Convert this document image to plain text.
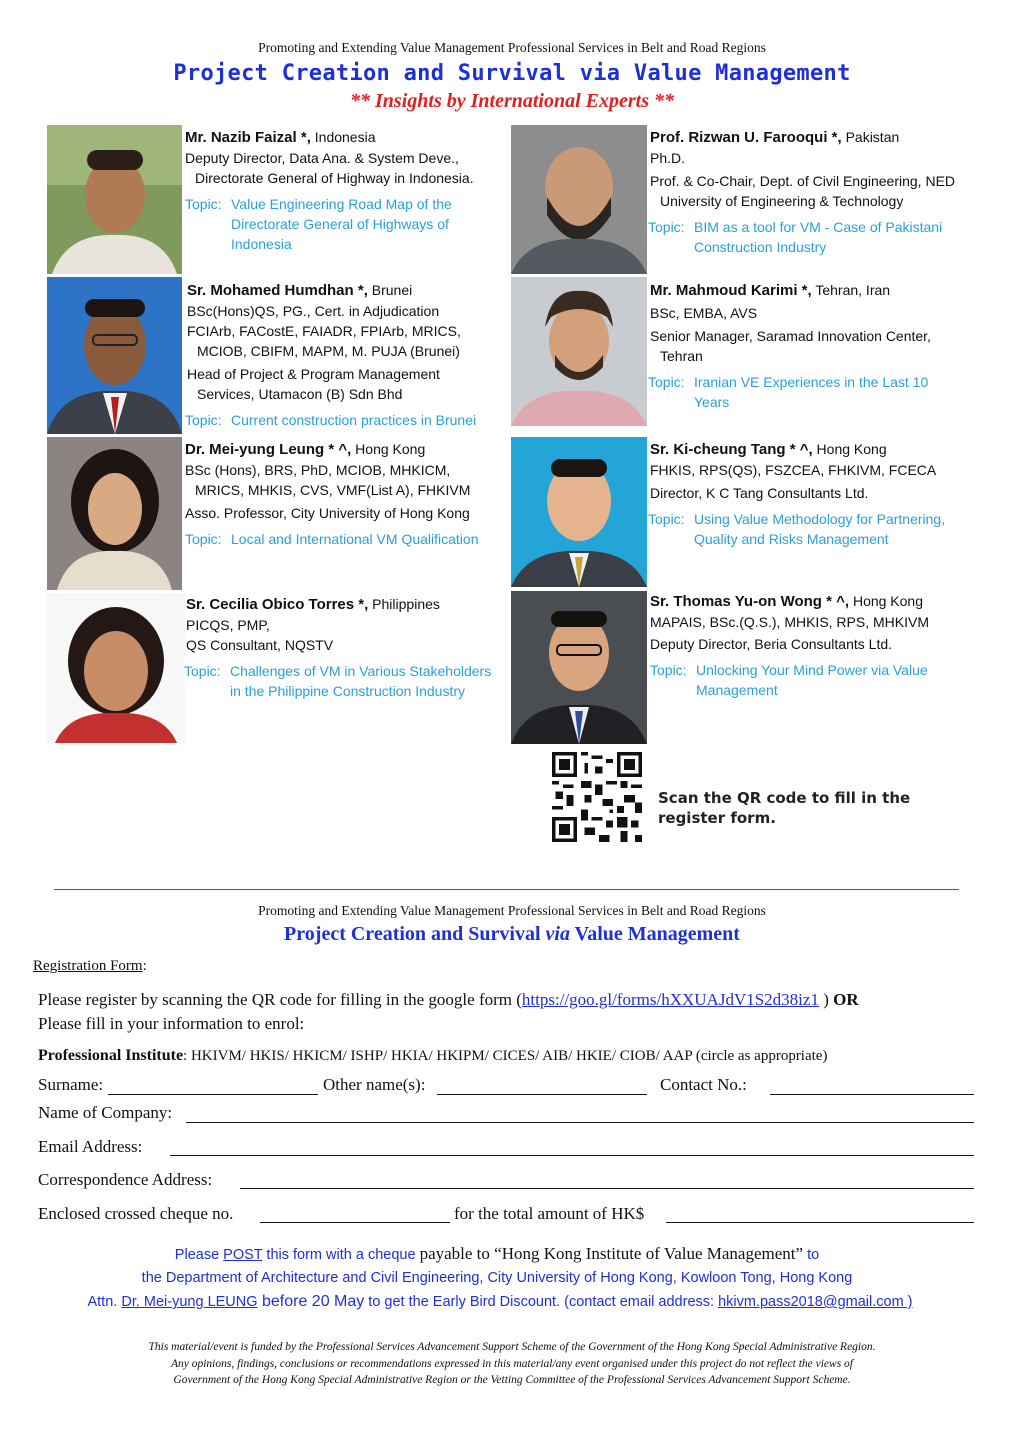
Promoting and Extending Value Management Professional Services in Belt and Road Regions
Project Creation and Survival via Value Management
** Insights by International Experts **
Mr. Nazib Faizal *, Indonesia
Deputy Director, Data Ana. & System Deve.,
Directorate General of Highway in Indonesia.
Topic: Value Engineering Road Map of the
Directorate General of Highways of
Indonesia
Prof. Rizwan U. Farooqui *, Pakistan
Ph.D.
Prof. & Co-Chair, Dept. of Civil Engineering, NED
University of Engineering & Technology
Topic: BIM as a tool for VM - Case of Pakistani
Construction Industry
Sr. Mohamed Humdhan *, Brunei
BSc(Hons)QS, PG., Cert. in Adjudication
FCIArb, FACostE, FAIADR, FPIArb, MRICS,
MCIOB, CBIFM, MAPM, M. PUJA (Brunei)
Head of Project & Program Management
Services, Utamacon (B) Sdn Bhd
Topic: Current construction practices in Brunei
Mr. Mahmoud Karimi *, Tehran, Iran
BSc, EMBA, AVS
Senior Manager, Saramad Innovation Center,
Tehran
Topic: Iranian VE Experiences in the Last 10
Years
Dr. Mei-yung Leung * ^, Hong Kong
BSc (Hons), BRS, PhD, MCIOB, MHKICM,
MRICS, MHKIS, CVS, VMF(List A), FHKIVM
Asso. Professor, City University of Hong Kong
Topic: Local and International VM Qualification
Sr. Ki-cheung Tang * ^, Hong Kong
FHKIS, RPS(QS), FSZCEA, FHKIVM, FCECA
Director, K C Tang Consultants Ltd.
Topic: Using Value Methodology for Partnering,
Quality and Risks Management
Sr. Cecilia Obico Torres *, Philippines
PICQS, PMP,
QS Consultant, NQSTV
Topic: Challenges of VM in Various Stakeholders
in the Philippine Construction Industry
Sr. Thomas Yu-on Wong * ^, Hong Kong
MAPAIS, BSc.(Q.S.), MHKIS, RPS, MHKIVM
Deputy Director, Beria Consultants Ltd.
Topic: Unlocking Your Mind Power via Value
Management
Scan the QR code to fill in the register form.
Promoting and Extending Value Management Professional Services in Belt and Road Regions
Project Creation and Survival via Value Management
Registration Form:
Please register by scanning the QR code for filling in the google form (https://goo.gl/forms/hXXUAJdV1S2d38iz1 ) OR
Please fill in your information to enrol:
Professional Institute: HKIVM/ HKIS/ HKICM/ ISHP/ HKIA/ HKIPM/ CICES/ AIB/ HKIE/ CIOB/ AAP (circle as appropriate)
Surname:	Other name(s):	Contact No.:
Name of Company:
Email Address:
Correspondence Address:
Enclosed crossed cheque no.	for the total amount of HK$
Please POST this form with a cheque payable to “Hong Kong Institute of Value Management” to
the Department of Architecture and Civil Engineering, City University of Hong Kong, Kowloon Tong, Hong Kong
Attn. Dr. Mei-yung LEUNG before 20 May to get the Early Bird Discount. (contact email address: hkivm.pass2018@gmail.com )
This material/event is funded by the Professional Services Advancement Support Scheme of the Government of the Hong Kong Special Administrative Region.
Any opinions, findings, conclusions or recommendations expressed in this material/any event organised under this project do not reflect the views of
Government of the Hong Kong Special Administrative Region or the Vetting Committee of the Professional Services Advancement Support Scheme.
